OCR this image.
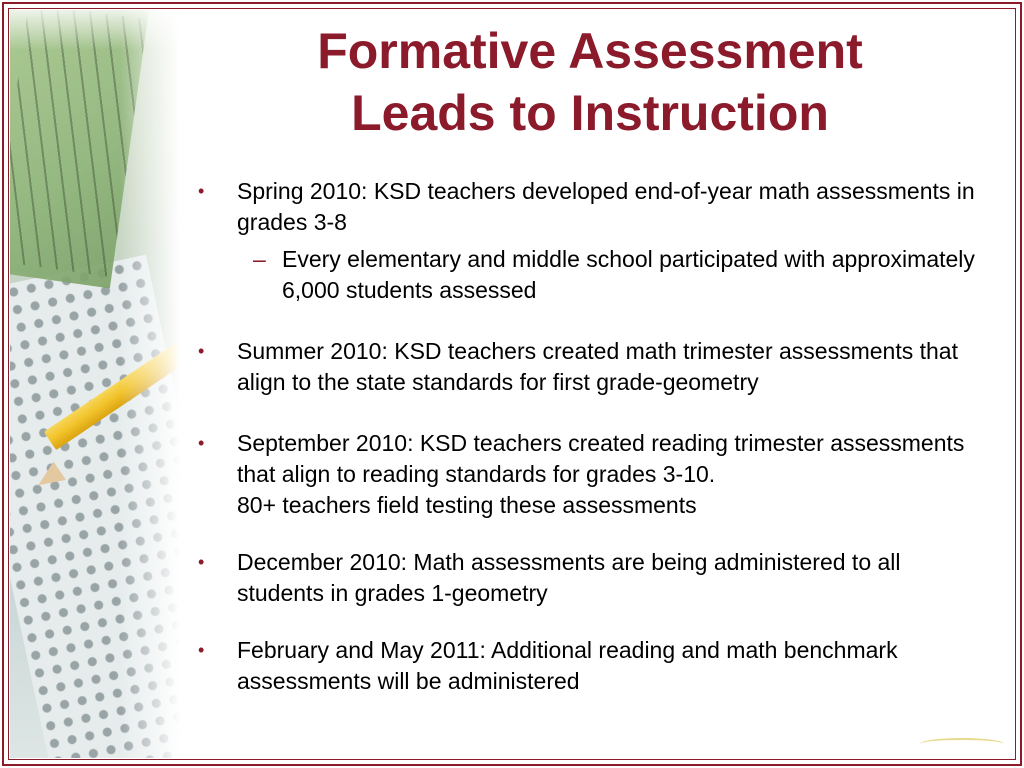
Formative Assessment
Leads to Instruction
• Spring 2010: KSD teachers developed end-of-year math assessments in grades 3-8
– Every elementary and middle school participated with approximately 6,000 students assessed
• Summer 2010: KSD teachers created math trimester assessments that align to the state standards for first grade-geometry
• September 2010: KSD teachers created reading trimester assessments that align to reading standards for grades 3-10.
80+ teachers field testing these assessments
• December 2010: Math assessments are being administered to all students in grades 1-geometry
• February and May 2011: Additional reading and math benchmark assessments will be administered
